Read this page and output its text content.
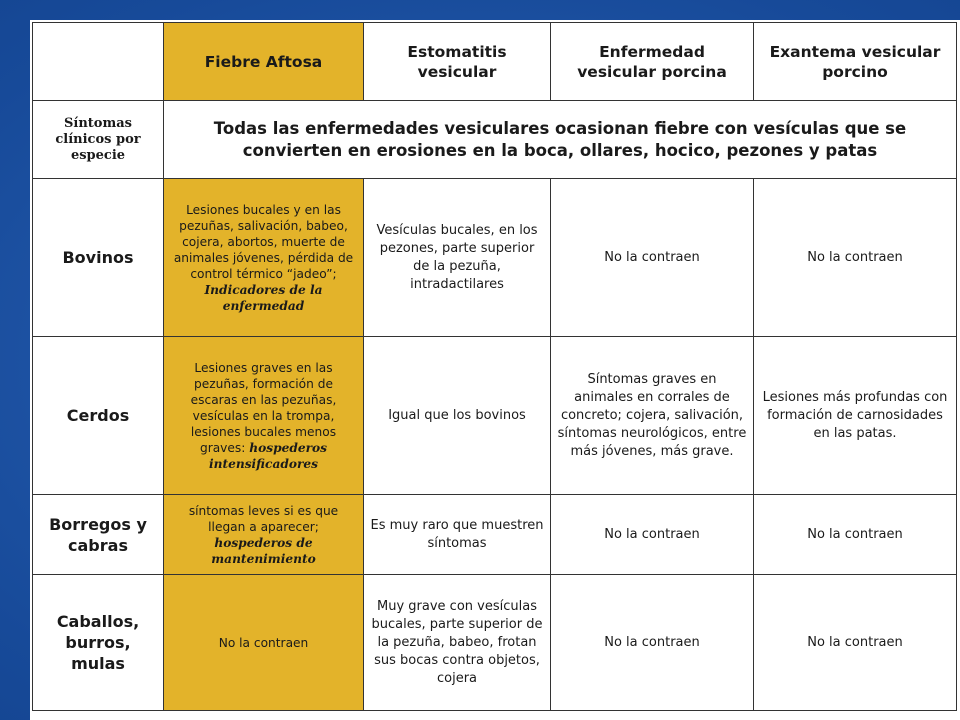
	Fiebre Aftosa	Estomatitis vesicular	Enfermedad vesicular porcina	Exantema vesicular porcino
Síntomas clínicos por especie	Todas las enfermedades vesiculares ocasionan fiebre con vesículas que se convierten en erosiones en la boca, ollares, hocico, pezones y patas			
Bovinos	Lesiones bucales y en las pezuñas, salivación, babeo, cojera, abortos, muerte de animales jóvenes, pérdida de control térmico “jadeo”; Indicadores de la enfermedad	Vesículas bucales, en los pezones, parte superior de la pezuña, intradactilares	No la contraen	No la contraen
Cerdos	Lesiones graves en las pezuñas, formación de escaras en las pezuñas, vesículas en la trompa, lesiones bucales menos graves: hospederos intensificadores	Igual que los bovinos	Síntomas graves en animales en corrales de concreto; cojera, salivación, síntomas neurológicos, entre más jóvenes, más grave.	Lesiones más profundas con formación de carnosidades en las patas.
Borregos y cabras	síntomas leves si es que llegan a aparecer; hospederos de mantenimiento	Es muy raro que muestren síntomas	No la contraen	No la contraen
Caballos, burros, mulas	No la contraen	Muy grave con vesículas bucales, parte superior de la pezuña, babeo, frotan sus bocas contra objetos, cojera	No la contraen	No la contraen
